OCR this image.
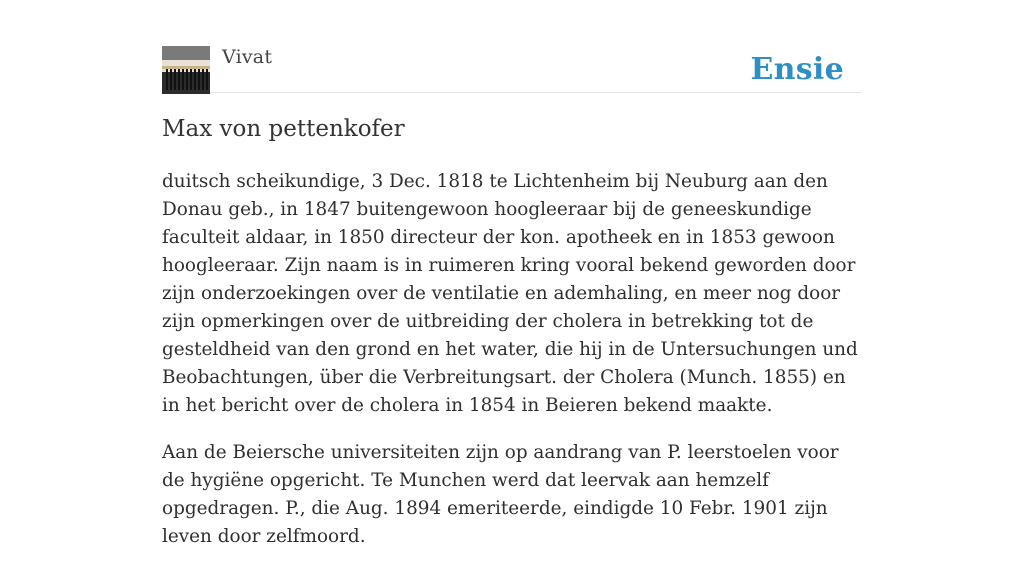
Vivat	Ensie
Max von pettenkofer

duitsch scheikundige, 3 Dec. 1818 te Lichtenheim bij Neuburg aan den Donau geb., in 1847 buitengewoon hoogleeraar bij de geneeskundige faculteit aldaar, in 1850 directeur der kon. apotheek en in 1853 gewoon hoogleeraar. Zijn naam is in ruimeren kring vooral bekend geworden door zijn onderzoekingen over de ventilatie en ademhaling, en meer nog door zijn opmerkingen over de uitbreiding der cholera in betrekking tot de gesteldheid van den grond en het water, die hij in de Untersuchungen und Beobachtungen, über die Verbreitungsart. der Cholera (Munch. 1855) en in het bericht over de cholera in 1854 in Beieren bekend maakte.

Aan de Beiersche universiteiten zijn op aandrang van P. leerstoelen voor de hygiëne opgericht. Te Munchen werd dat leervak aan hemzelf opgedragen. P., die Aug. 1894 emeriteerde, eindigde 10 Febr. 1901 zijn leven door zelfmoord.
